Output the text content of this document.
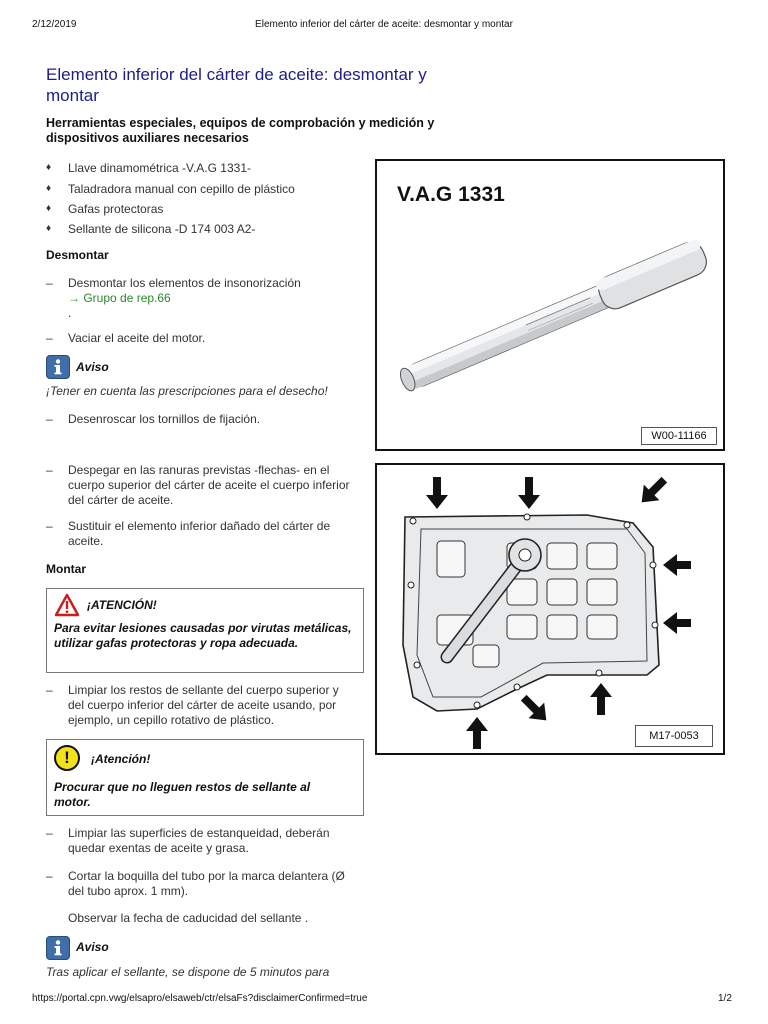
2/12/2019	Elemento inferior del cárter de aceite: desmontar y montar
Elemento inferior del cárter de aceite: desmontar y
montar
Herramientas especiales, equipos de comprobación y medición y
dispositivos auxiliares necesarios
♦ Llave dinamométrica -V.A.G 1331-
♦ Taladradora manual con cepillo de plástico
♦ Gafas protectoras
♦ Sellante de silicona -D 174 003 A2-
Desmontar
– Desmontar los elementos de insonorización
→ Grupo de rep.66
.
– Vaciar el aceite del motor.
Aviso
¡Tener en cuenta las prescripciones para el desecho!
– Desenroscar los tornillos de fijación.
– Despegar en las ranuras previstas -flechas- en el cuerpo superior del cárter de aceite el cuerpo inferior del cárter de aceite.
– Sustituir el elemento inferior dañado del cárter de aceite.
Montar
¡ATENCIÓN!
Para evitar lesiones causadas por virutas metálicas, utilizar gafas protectoras y ropa adecuada.
– Limpiar los restos de sellante del cuerpo superior y del cuerpo inferior del cárter de aceite usando, por ejemplo, un cepillo rotativo de plástico.
!	¡Atención!
Procurar que no lleguen restos de sellante al motor.
– Limpiar las superficies de estanqueidad, deberán quedar exentas de aceite y grasa.
– Cortar la boquilla del tubo por la marca delantera (Ø del tubo aprox. 1 mm).
Observar la fecha de caducidad del sellante .
Aviso
Tras aplicar el sellante, se dispone de 5 minutos para
V.A.G 1331
W00-11166
M17-0053
https://portal.cpn.vwg/elsapro/elsaweb/ctr/elsaFs?disclaimerConfirmed=true	1/2
